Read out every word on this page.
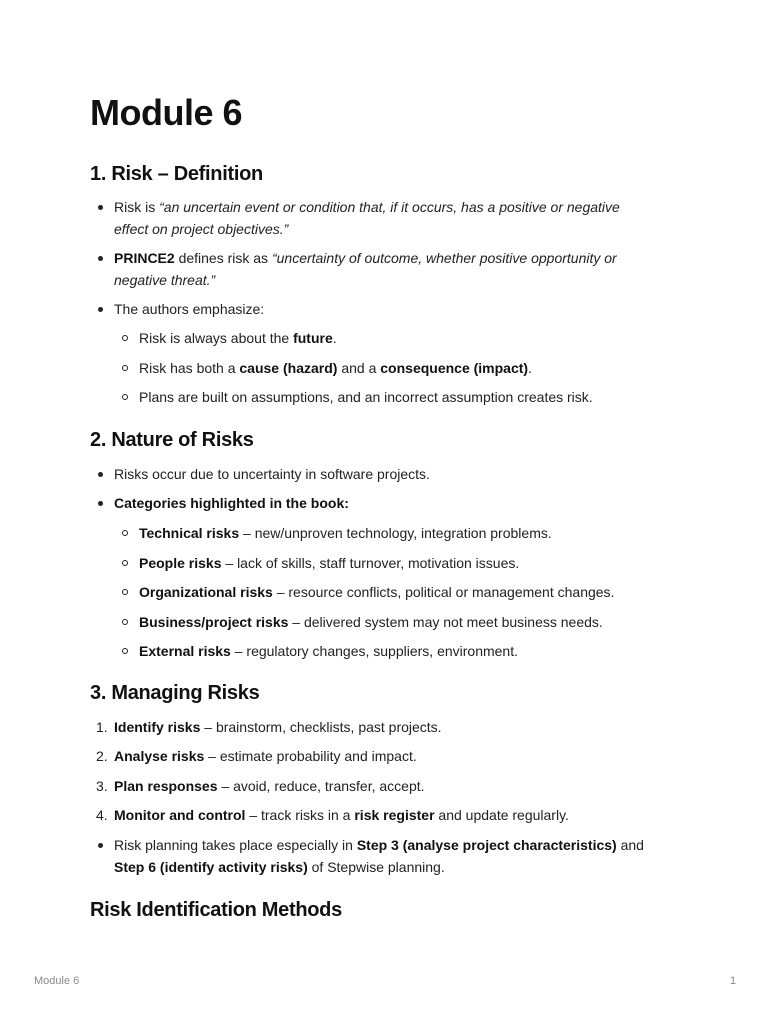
Module 6
1. Risk – Definition
Risk is “an uncertain event or condition that, if it occurs, has a positive or negative
effect on project objectives.”
PRINCE2 defines risk as “uncertainty of outcome, whether positive opportunity or
negative threat.”
The authors emphasize:
Risk is always about the future.
Risk has both a cause (hazard) and a consequence (impact).
Plans are built on assumptions, and an incorrect assumption creates risk.
2. Nature of Risks
Risks occur due to uncertainty in software projects.
Categories highlighted in the book:
Technical risks – new/unproven technology, integration problems.
People risks – lack of skills, staff turnover, motivation issues.
Organizational risks – resource conflicts, political or management changes.
Business/project risks – delivered system may not meet business needs.
External risks – regulatory changes, suppliers, environment.
3. Managing Risks
1. Identify risks – brainstorm, checklists, past projects.
2. Analyse risks – estimate probability and impact.
3. Plan responses – avoid, reduce, transfer, accept.
4. Monitor and control – track risks in a risk register and update regularly.
Risk planning takes place especially in Step 3 (analyse project characteristics) and
Step 6 (identify activity risks) of Stepwise planning.
Risk Identification Methods
Module 6	1
